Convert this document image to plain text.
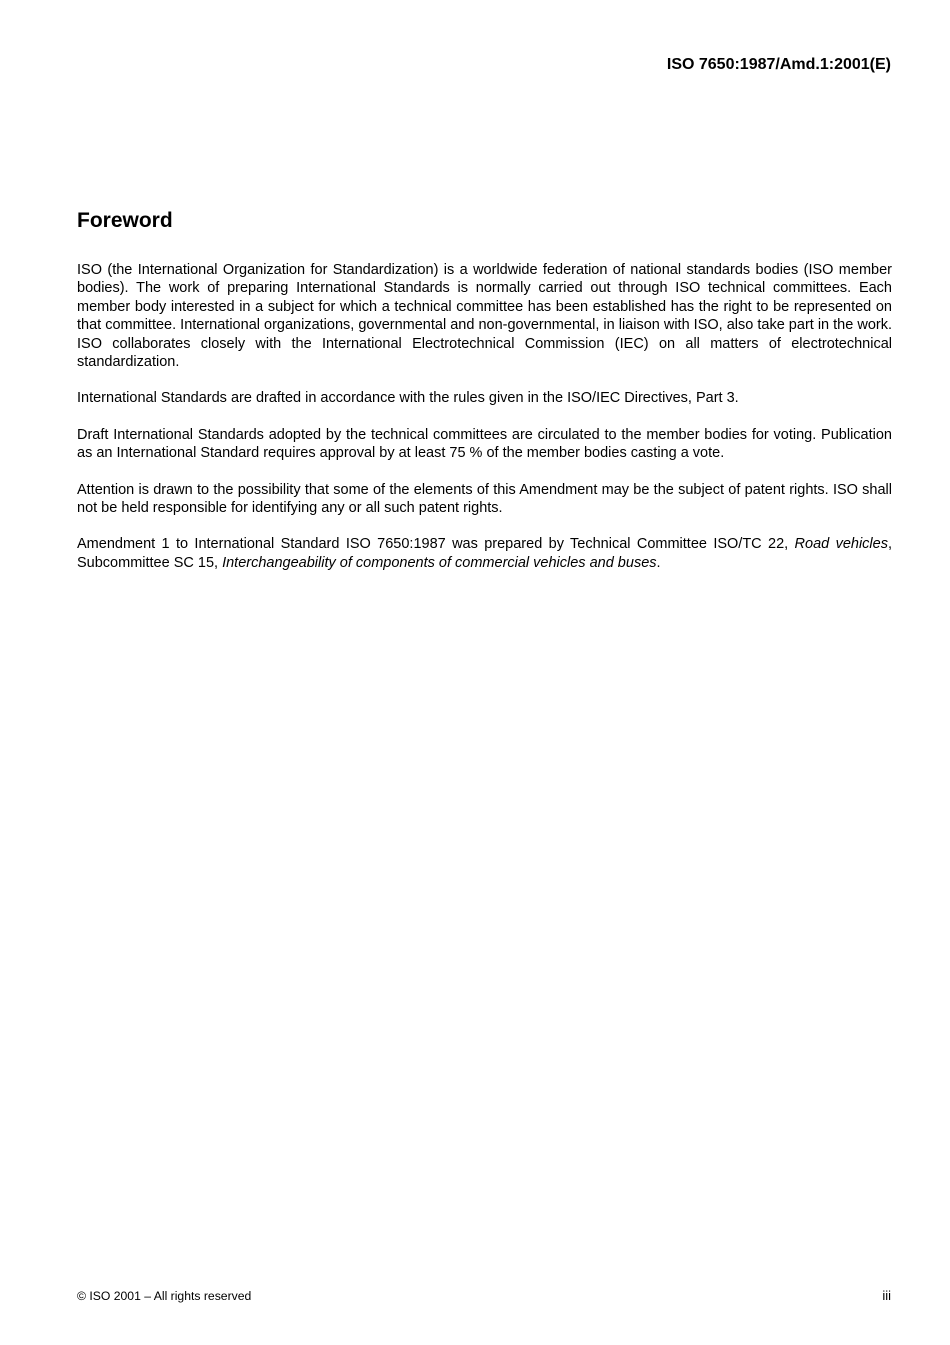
ISO 7650:1987/Amd.1:2001(E)

Foreword

ISO (the International Organization for Standardization) is a worldwide federation of national standards bodies (ISO member bodies). The work of preparing International Standards is normally carried out through ISO technical committees. Each member body interested in a subject for which a technical committee has been established has the right to be represented on that committee. International organizations, governmental and non-governmental, in liaison with ISO, also take part in the work. ISO collaborates closely with the International Electrotechnical Commission (IEC) on all matters of electrotechnical standardization.

International Standards are drafted in accordance with the rules given in the ISO/IEC Directives, Part 3.

Draft International Standards adopted by the technical committees are circulated to the member bodies for voting. Publication as an International Standard requires approval by at least 75 % of the member bodies casting a vote.

Attention is drawn to the possibility that some of the elements of this Amendment may be the subject of patent rights. ISO shall not be held responsible for identifying any or all such patent rights.

Amendment 1 to International Standard ISO 7650:1987 was prepared by Technical Committee ISO/TC 22, Road vehicles, Subcommittee SC 15, Interchangeability of components of commercial vehicles and buses.

© ISO 2001 – All rights reserved	iii
